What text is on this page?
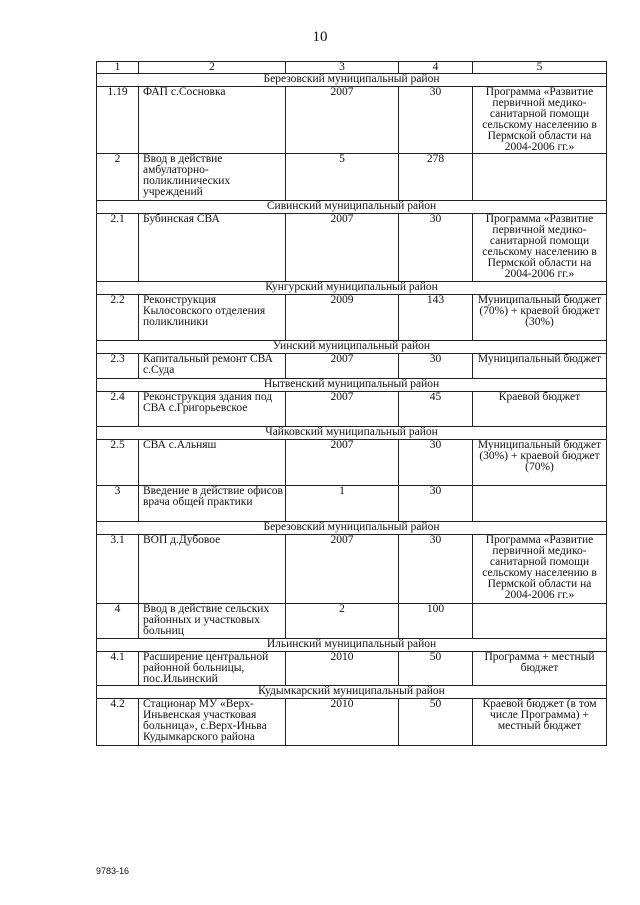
10
1	2	3	4	5
Березовский муниципальный район				
1.19	ФАП с.Сосновка	2007	30	Программа «Развитие первичной медико-санитарной помощи сельскому населению в Пермской области на 2004-2006 гг.»
2	Ввод в действие амбулаторно-поликлинических учреждений	5	278	
Сивинский муниципальный район				
2.1	Бубинская СВА	2007	30	Программа «Развитие первичной медико-санитарной помощи сельскому населению в Пермской области на 2004-2006 гг.»
Кунгурский муниципальный район				
2.2	Реконструкция Кылосовского отделения поликлиники	2009	143	Муниципальный бюджет (70%) + краевой бюджет (30%)
Уинский муниципальный район				
2.3	Капитальный ремонт СВА с.Суда	2007	30	Муниципальный бюджет
Нытвенский муниципальный район				
2.4	Реконструкция здания под СВА с.Григорьевское	2007	45	Краевой бюджет
Чайковский муниципальный район				
2.5	СВА с.Альняш	2007	30	Муниципальный бюджет (30%) + краевой бюджет (70%)
3	Введение в действие офисов врача общей практики	1	30	
Березовский муниципальный район				
3.1	ВОП д.Дубовое	2007	30	Программа «Развитие первичной медико-санитарной помощи сельскому населению в Пермской области на 2004-2006 гг.»
4	Ввод в действие сельских районных и участковых больниц	2	100	
Ильинский муниципальный район				
4.1	Расширение центральной районной больницы, пос.Ильинский	2010	50	Программа + местный бюджет
Кудымкарский муниципальный район				
4.2	Стационар МУ «Верх-Иньвенская участковая больница», с.Верх-Иньва Кудымкарского района	2010	50	Краевой бюджет (в том числе Программа) + местный бюджет
9783-16
